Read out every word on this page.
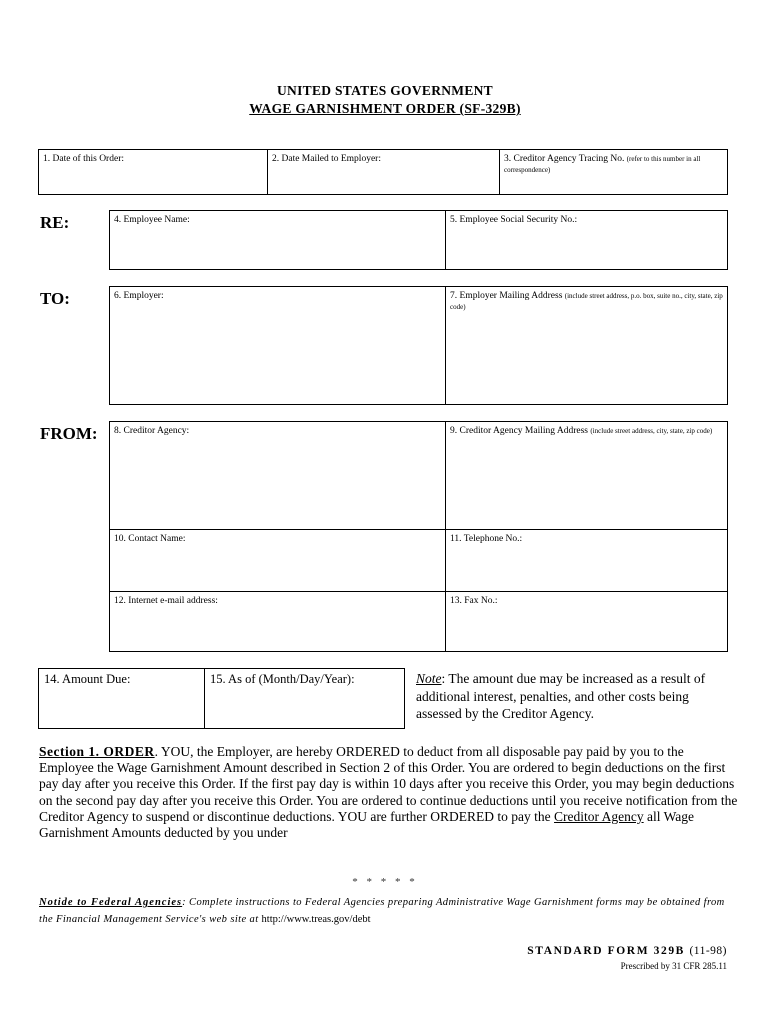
UNITED STATES GOVERNMENT
WAGE GARNISHMENT ORDER (SF-329B)
1. Date of this Order:	2. Date Mailed to Employer:	3. Creditor Agency Tracing No. (refer to this number in all correspondence)
RE:	4. Employee Name:	5. Employee Social Security No.:
TO:	6. Employer:	7. Employer Mailing Address (include street address, p.o. box, suite no., city, state, zip code)
FROM:	8. Creditor Agency:	9. Creditor Agency Mailing Address (include street address, city, state, zip code)
10. Contact Name:	11. Telephone No.:
12. Internet e-mail address:	13. Fax No.:
14. Amount Due:	15. As of (Month/Day/Year):	Note: The amount due may be increased as a result of additional interest, penalties, and other costs being assessed by the Creditor Agency.
Section 1. ORDER. YOU, the Employer, are hereby ORDERED to deduct from all disposable pay paid by you to the Employee the Wage Garnishment Amount described in Section 2 of this Order. You are ordered to begin deductions on the first pay day after you receive this Order. If the first pay day is within 10 days after you receive this Order, you may begin deductions on the second pay day after you receive this Order. You are ordered to continue deductions until you receive notification from the Creditor Agency to suspend or discontinue deductions. YOU are further ORDERED to pay the Creditor Agency all Wage Garnishment Amounts deducted by you under
* * * * *
Notide to Federal Agencies: Complete instructions to Federal Agencies preparing Administrative Wage Garnishment forms may be obtained from the Financial Management Service's web site at http://www.treas.gov/debt
STANDARD FORM 329B (11-98)
Prescribed by 31 CFR 285.11
